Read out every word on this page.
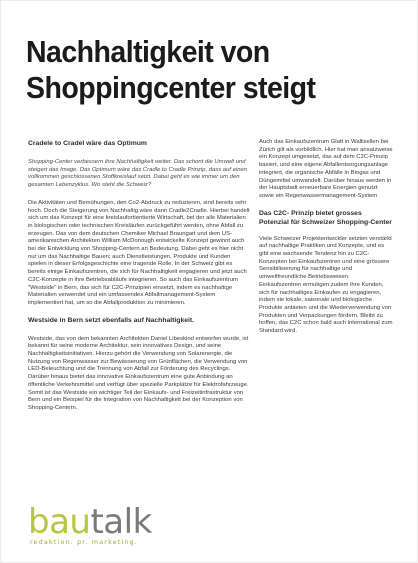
Nachhaltigkeit von
Shoppingcenter steigt
Cradele to Cradel wäre das Optimum

Shopping-Center verbessern ihre Nachhaltigkeit weiter. Das schont die Umwelt und steigert das Image. Das Optimum wäre das Cradle to Cradle Prinzip, dass auf einen vollkommen geschlossenen Stoffkreislauf setzt. Dabei geht es wie immer um den gesamten Lebenzyklus. Wo steht die Schweiz?

Die Aktivitäten und Bemühungen, den Co2-Abdruck zu reduzieren, sind bereits sehr hoch. Doch die Steigerung von Nachhaltig wäre dann Cradle2Cradle. Hierbei handelt sich um das Konzept für eine kreislaufortientierte Wirtschaft, bei der alle Materialien in biologischen oder technischen Kreisläufen zurückgeführt werden, ohne Abfall zu erzeugen. Das von dem deutschen Chemiker Michael Braungart und dem US-amerikanischen Architekten William McDonough entwickelte Konzept gewinnt auch bei der Entwicklung von Shopping-Centern an Bedeutung. Dabei geht es hier nicht nur um das Nachhaltige Bauen; auch Dienstleistungen, Produkte und Kunden spielen in dieser Erfolgsgeschichte eine tragende Rolle. In der Schweiz gibt es bereits einige Einkaufszentren, die sich für Nachhaltigkeit engagieren und jetzt auch C2C-Konzepte in ihre Betriebsabläufe integrieren. So auch das Einkaufszentrum "Westside" in Bern, das sich für C2C-Prinzipien einsetzt, indem es nachhaltige Materialien verwendet und ein umfassendes Abfallmanagement-System implementiert hat, um so die Abfallproduktion zu minimieren.

Westside in Bern setzt ebenfalls auf Nachhaltigkeit.

Westside, das von dem bekannten Architekten Daniel Libeskind entworfen wurde, ist bekannt für seine moderne Architektur, sein innovatives Design, und seine Nachhaltigkeitsinitiativen. Hierzu gehört die Verwendung von Solarenergie, die Nutzung von Regenwasser zur Bewässerung von Grünflächen, die Verwendung von LED-Beleuchtung und die Trennung von Abfall zur Förderung des Recyclings. Darüber hinaus bietet das innovative Einkaufszentrum eine gute Anbindung an öffentliche Verkehrsmittel und verfügt über spezielle Parkplätze für Elektrofahrzeuge. Somit ist das Westside ein wichtiger Teil der Einkaufs- und Freizeitinfrastruktur von Bern und ein Beispiel für die Integration von Nachhaltigkeit bei der Konzeption von Shopping-Centern.

Auch das Einkaufszentrum Glatt in Wallisellen bei Zürich gilt als vorbildlich. Hier hat man ansatzweise ein Konzept umgesetzt, das auf dem C2C-Prinzip basiert, und eine eigene Abfallentsorgungsanlage integriert, die organische Abfälle in Biogas und Düngemittel umwandelt. Darüber hinaus werden in der Hauptstadt erneuerbare Energien genutzt sowie ein Regenwassermanagement-System

Das C2C- Prinzip bietet grosses Potenzial für Schweizer Shopping-Center

Viele Schweizer Projektentwickler setzten verstärkt auf nachhaltige Praktiken und Konzepte, und es gibt eine wachsende Tendenz hin zu C2C-Konzepten bei Einkaufszentren und eine grössere Sensibilisierung für nachhaltige und umweltfreundliche Betriebsweisen. Einkaufszentren ermutigen zudem ihre Kunden, sich für nachhaltiges Einkaufen zu engagieren, indem sie lokale, saisonale und biologische Produkte anbieten und die Wiederverwendung von Produkten und Verpackungen fördern. Bleibt zu hoffen, das C2C schon bald auch international zum Standard wird.

bautalk
redaktion. pr. marketing.
